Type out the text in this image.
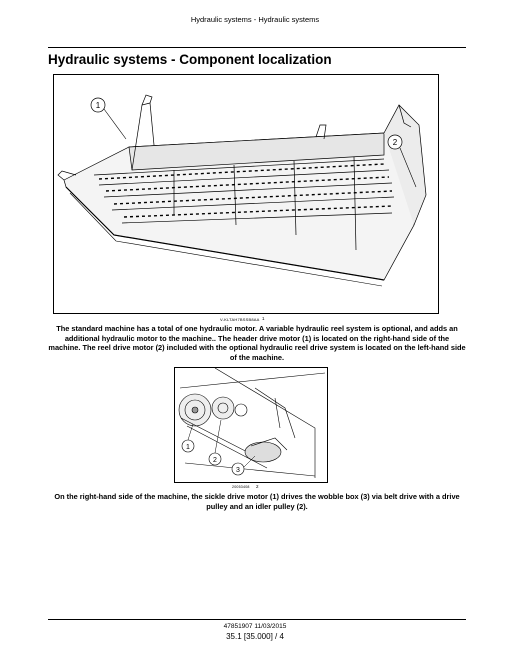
Hydraulic systems - Hydraulic systems
Hydraulic systems - Component localization
1
2
V-KLTAH7BSSB8AA 1
The standard machine has a total of one hydraulic motor. A variable hydraulic reel system is optional, and adds an additional hydraulic motor to the machine.. The header drive motor (1) is located on the right-hand side of the machine. The reel drive motor (2) included with the optional hydraulic reel drive system is located on the left-hand side of the machine.
1
2
3
20053408 2
On the right-hand side of the machine, the sickle drive motor (1) drives the wobble box (3) via belt drive with a drive pulley and an idler pulley (2).
47851907 11/03/2015
35.1 [35.000] / 4
